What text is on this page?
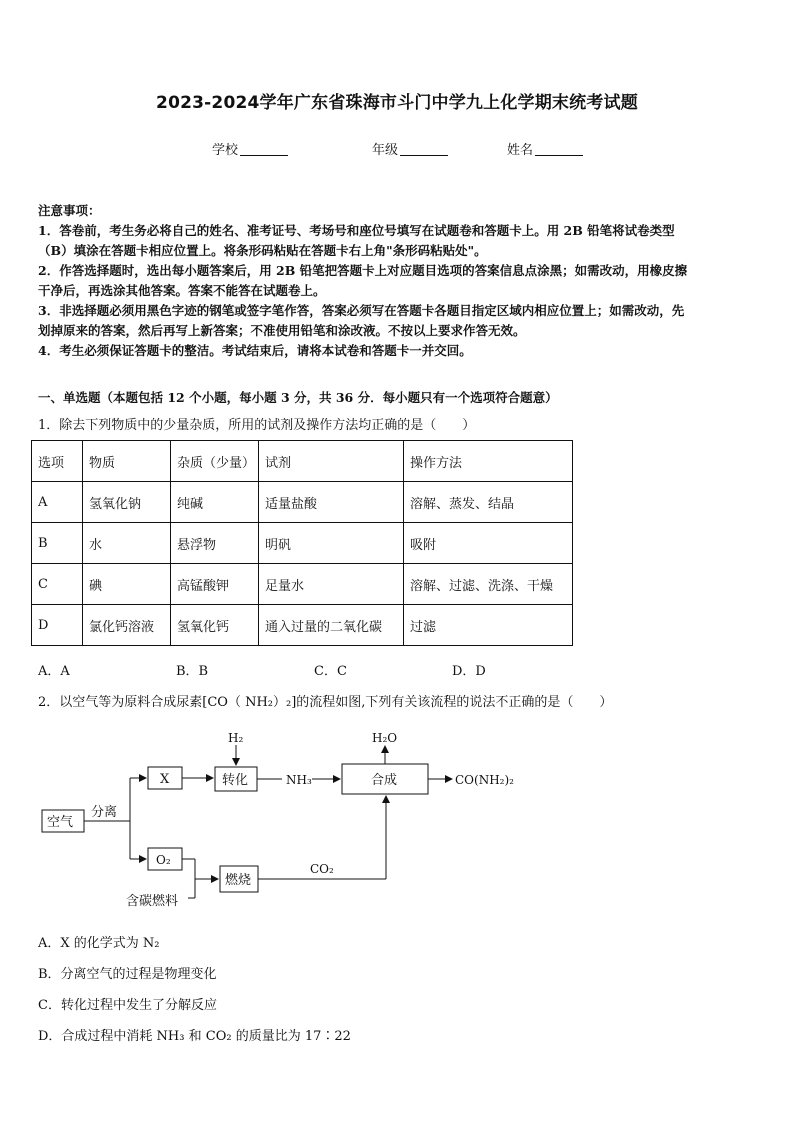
2023-2024学年广东省珠海市斗门中学九上化学期末统考试题
学校	年级	姓名

注意事项：

1．答卷前，考生务必将自己的姓名、准考证号、考场号和座位号填写在试题卷和答题卡上。用 2B 铅笔将试卷类型

（B）填涂在答题卡相应位置上。将条形码粘贴在答题卡右上角"条形码粘贴处"。

2．作答选择题时，选出每小题答案后，用 2B 铅笔把答题卡上对应题目选项的答案信息点涂黑；如需改动，用橡皮擦

干净后，再选涂其他答案。答案不能答在试题卷上。

3．非选择题必须用黑色字迹的钢笔或签字笔作答，答案必须写在答题卡各题目指定区域内相应位置上；如需改动，先

划掉原来的答案，然后再写上新答案；不准使用铅笔和涂改液。不按以上要求作答无效。

4．考生必须保证答题卡的整洁。考试结束后，请将本试卷和答题卡一并交回。

一、单选题（本题包括 12 个小题，每小题 3 分，共 36 分．每小题只有一个选项符合题意）
1．除去下列物质中的少量杂质，所用的试剂及操作方法均正确的是（　　）
选项	物质	杂质（少量）	试剂	操作方法
A	氢氧化钠	纯碱	适量盐酸	溶解、蒸发、结晶
B	水	悬浮物	明矾	吸附
C	碘	高锰酸钾	足量水	溶解、过滤、洗涤、干燥
D	氯化钙溶液	氢氧化钙	通入过量的二氧化碳	过滤
A．A	B．B	C．C	D．D
2．以空气等为原料合成尿素[CO（ NH₂）₂]的流程如图,下列有关该流程的说法不正确的是（　　）
空气
分离
X
H₂
转化	NH₃
H₂O
合成	CO(NH₂)₂
O₂
含碳燃料
燃烧
CO₂
A．X 的化学式为 N₂
B．分离空气的过程是物理变化
C．转化过程中发生了分解反应
D．合成过程中消耗 NH₃ 和 CO₂ 的质量比为 17∶22
